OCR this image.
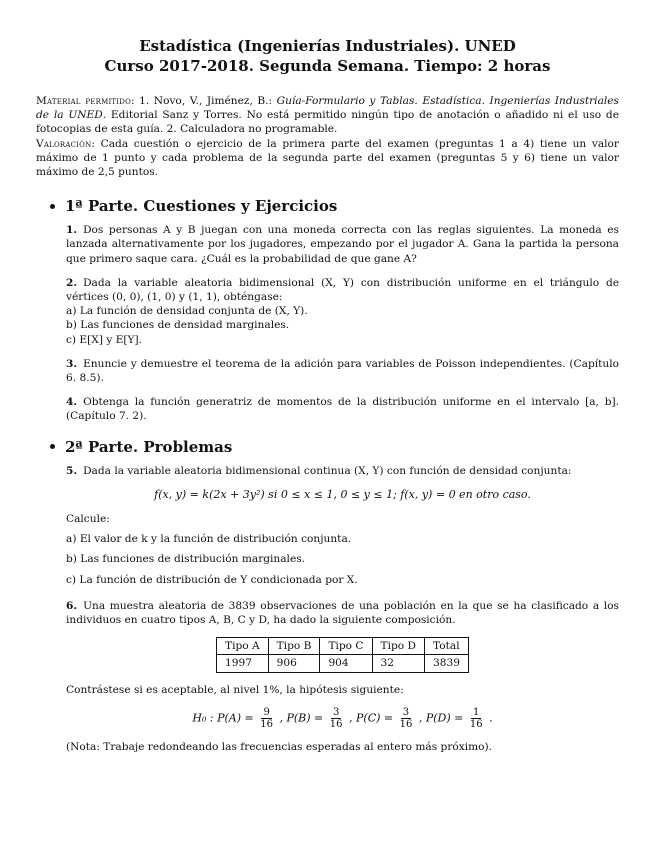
Estadística (Ingenierías Industriales). UNED
Curso 2017-2018. Segunda Semana. Tiempo: 2 horas
Material permitido: 1. Novo, V., Jiménez, B.: Guía-Formulario y Tablas. Estadística. Ingenierías Industriales de la UNED. Editorial Sanz y Torres. No está permitido ningún tipo de anotación o añadido ni el uso de fotocopias de esta guía. 2. Calculadora no programable.
Valoración: Cada cuestión o ejercicio de la primera parte del examen (preguntas 1 a 4) tiene un valor máximo de 1 punto y cada problema de la segunda parte del examen (preguntas 5 y 6) tiene un valor máximo de 2,5 puntos.
1ª Parte. Cuestiones y Ejercicios

1. Dos personas A y B juegan con una moneda correcta con las reglas siguientes. La moneda es lanzada alternativamente por los jugadores, empezando por el jugador A. Gana la partida la persona que primero saque cara. ¿Cuál es la probabilidad de que gane A?

2. Dada la variable aleatoria bidimensional (X, Y) con distribución uniforme en el triángulo de vértices (0, 0), (1, 0) y (1, 1), obténgase:

a) La función de densidad conjunta de (X, Y).

b) Las funciones de densidad marginales.

c) E[X] y E[Y].

3. Enuncie y demuestre el teorema de la adición para variables de Poisson independientes. (Capítulo 6. 8.5).

4. Obtenga la función generatriz de momentos de la distribución uniforme en el intervalo [a, b]. (Capítulo 7. 2).

2ª Parte. Problemas

5. Dada la variable aleatoria bidimensional continua (X, Y) con función de densidad conjunta:

f(x, y) = k(2x + 3y²) si 0 ≤ x ≤ 1, 0 ≤ y ≤ 1; f(x, y) = 0 en otro caso.

Calcule:

a) El valor de k y la función de distribución conjunta.

b) Las funciones de distribución marginales.

c) La función de distribución de Y condicionada por X.

6. Una muestra aleatoria de 3839 observaciones de una población en la que se ha clasificado a los individuos en cuatro tipos A, B, C y D, ha dado la siguiente composición.

Tipo A	Tipo B	Tipo C	Tipo D	Total
1997	906	904	32	3839

Contrástese si es aceptable, al nivel 1%, la hipótesis siguiente:

H₀ : $P(A) = \frac{9}{16}$ , $P(B) = \frac{3}{16}$ , $P(C) = \frac{3}{16}$ , $P(D) = \frac{1}{16}$ .

(Nota: Trabaje redondeando las frecuencias esperadas al entero más próximo).
